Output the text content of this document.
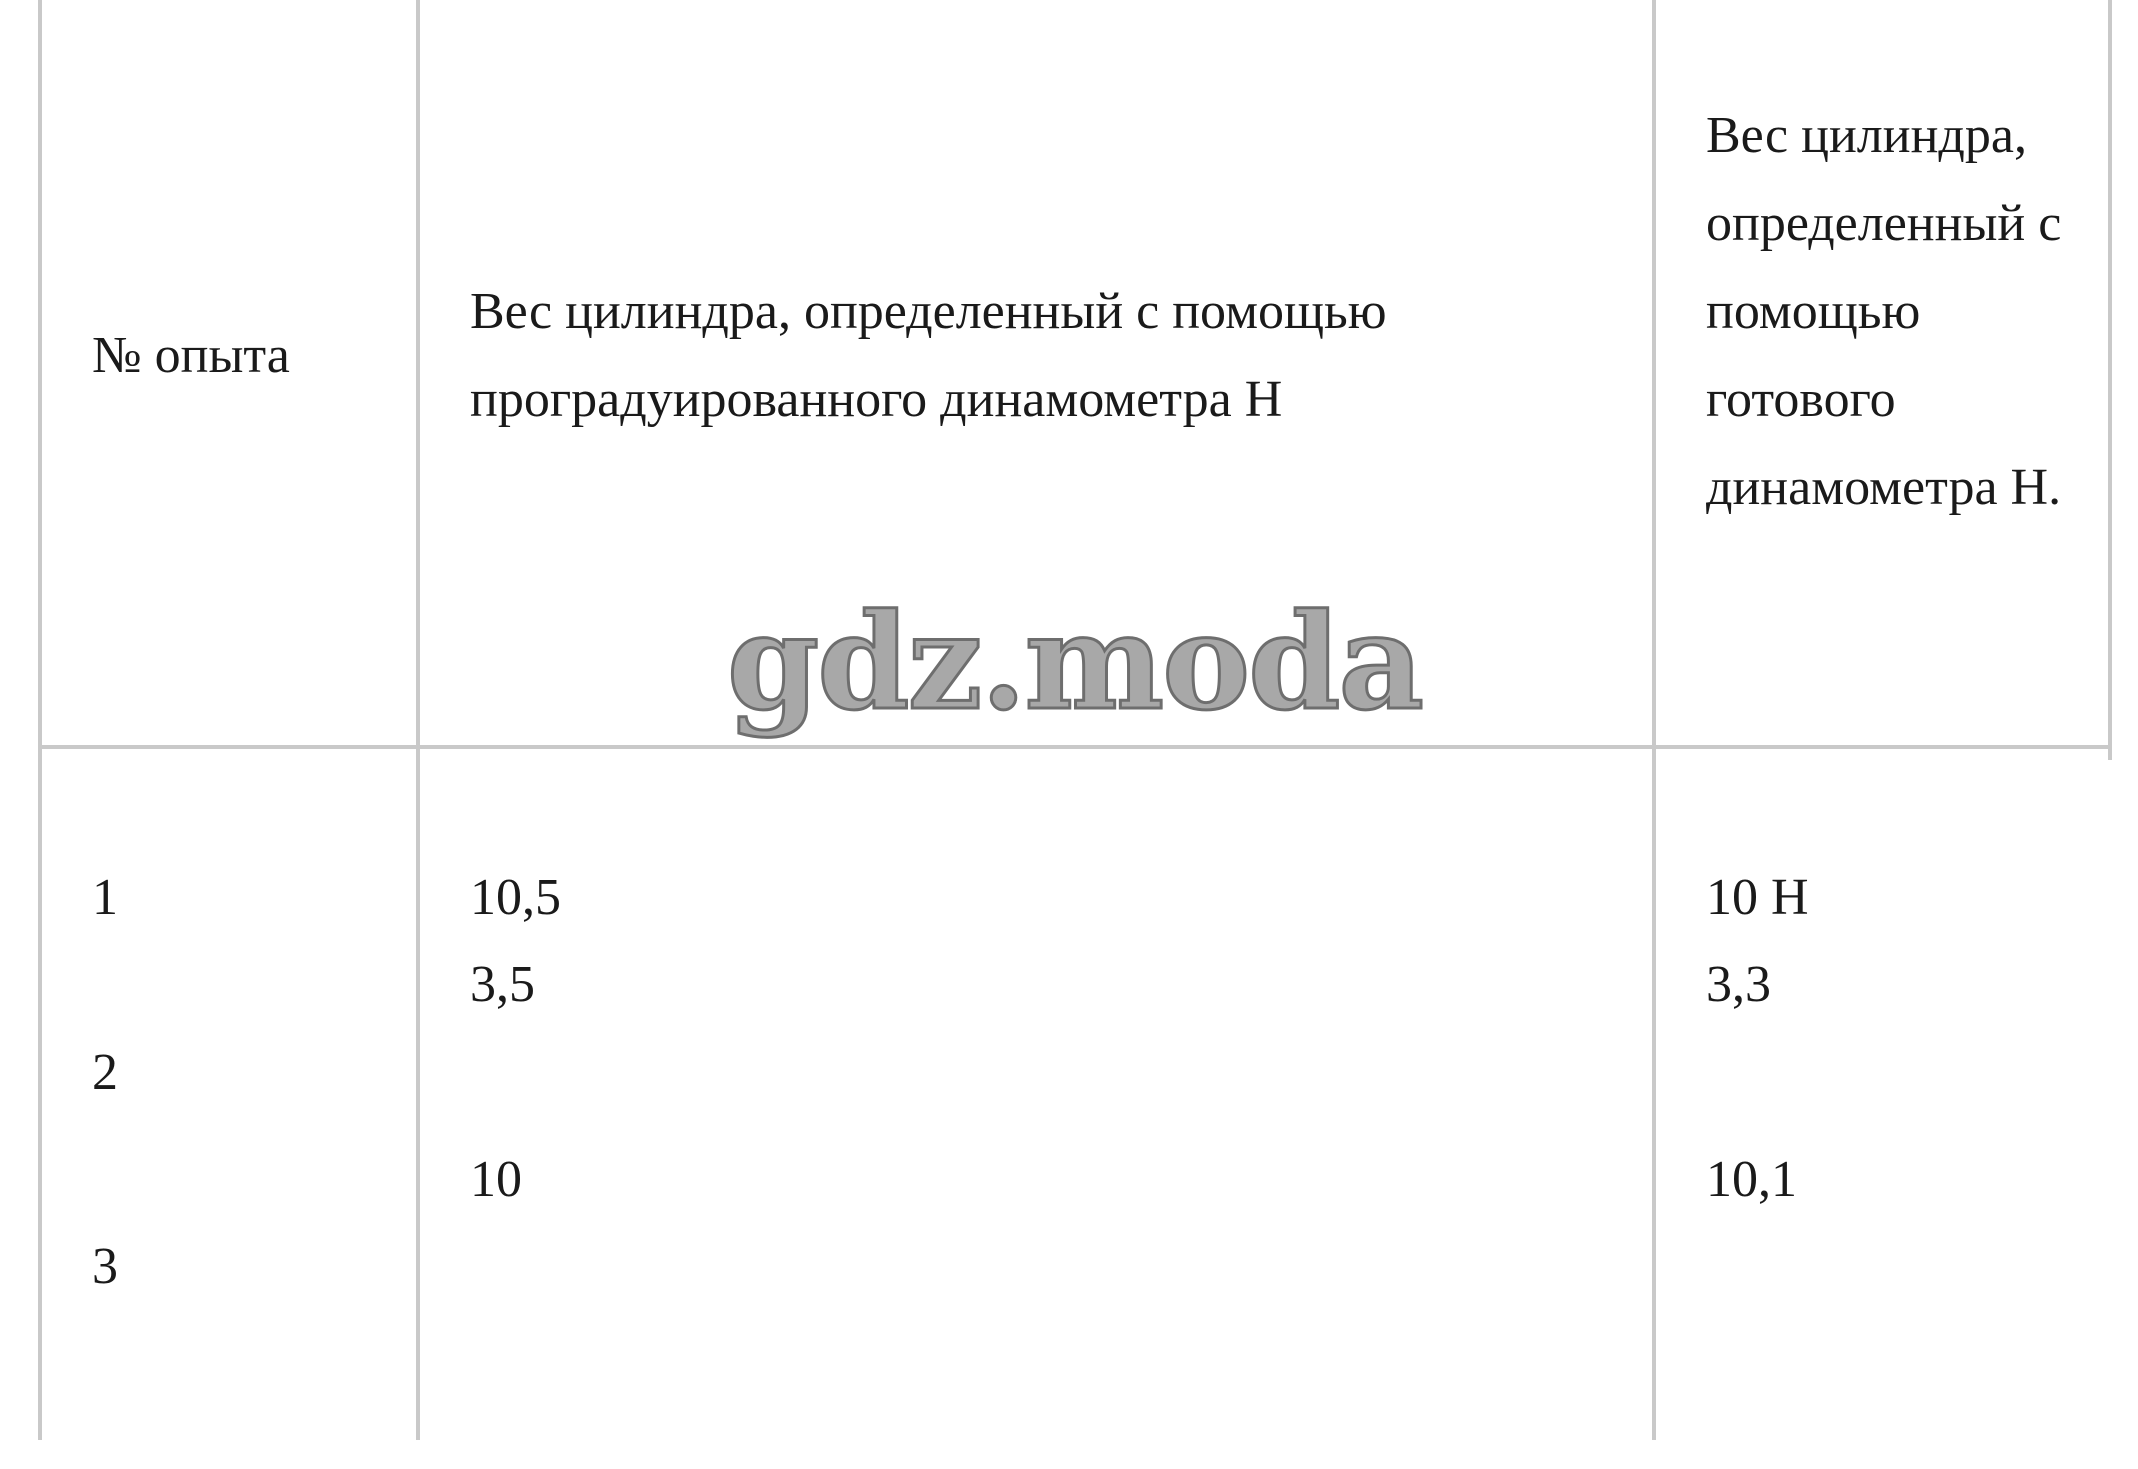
№ опыта
Вес цилиндра, определенный с помощью проградуированного динамометра Н
Вес цилиндра, определенный с помощью готового динамометра Н.
1
2
3
10,5
3,5
10
10 Н
3,3
10,1
gdz.moda
